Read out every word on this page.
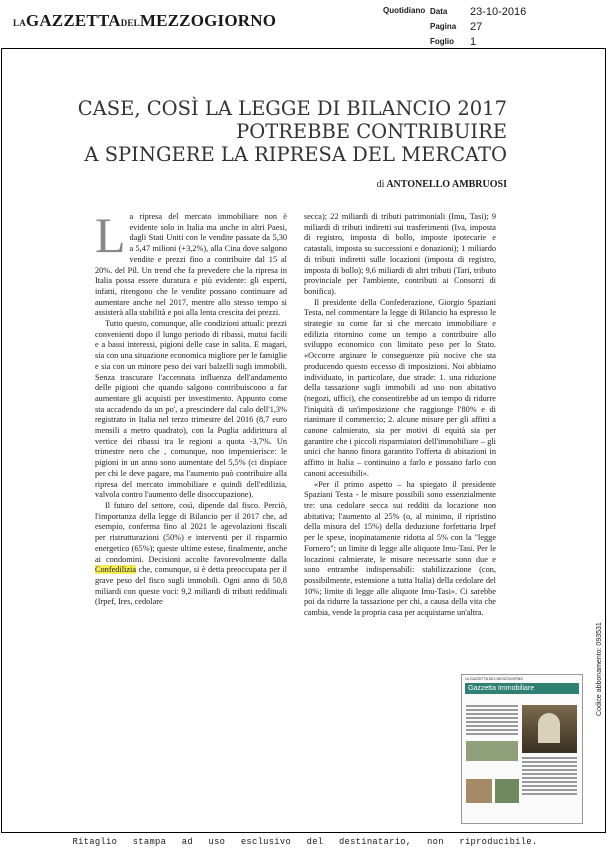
LAGAZZETTADELMEZZOGIORNO
Quotidiano Data	23-10-2016
Pagina	27
Foglio	1
CASE, COSÌ LA LEGGE DI BILANCIO 2017
POTREBBE CONTRIBUIRE
A SPINGERE LA RIPRESA DEL MERCATO
di ANTONELLO AMBRUOSI

La ripresa del mercato immobiliare non è evidente solo in Italia ma anche in altri Paesi, dagli Stati Uniti con le vendite passate da 5,30 a 5,47 milioni (+3,2%), alla Cina dove salgono vendite e prezzi fino a contribuire dal 15 al 20%. del Pil. Un trend che fa prevedere che la ripresa in Italia possa essere duratura e più evidente: gli esperti, infatti, ritengono che le vendite possano continuare ad aumentare anche nel 2017, mentre allo stesso tempo si assisterà alla stabilità e poi alla lenta crescita dei prezzi.

Tutto questo, comunque, alle condizioni attuali: prezzi convenienti dopo il lungo periodo di ribassi, mutui facili e a bassi interessi, pigioni delle case in salita. E magari, sia con una situazione economica migliore per le famiglie e sia con un minore peso dei vari balzelli sugli immobili. Senza trascurare l'accennata influenza dell'andamento delle pigioni che quando salgono contribuiscono a far aumentare gli acquisti per investimento. Appunto come sta accadendo da un po', a prescindere dal calo dell'1,3% registrato in Italia nel terzo trimestre del 2016 (8,7 euro mensili a metro quadrato), con la Puglia addirittura al vertice dei ribassi tra le regioni a quota -3,7%. Un trimestre nero che , comunque, non impensierisce: le pigioni in un anno sono aumentate del 5,5% (ci dispiace per chi le deve pagare, ma l'aumento può contribuire alla ripresa del mercato immobiliare e quindi dell'edilizia, valvola contro l'aumento delle disoccupazione).

Il futuro del settore, così, dipende dal fisco. Perciò, l'importanza della legge di Bilancio per il 2017 che, ad esempio, conferma fino al 2021 le agevolazioni fiscali per ristrutturazioni (50%) e interventi per il risparmio energetico (65%); queste ultime estese, finalmente, anche ai condomini. Decisioni accolte favorevolmente dalla Confedilizia che, comunque, si è detta preoccupata per il grave peso del fisco sugli immobili. Ogni anno di 50,8 miliardi con queste voci: 9,2 miliardi di tributi reddituali (Irpef, Ires, cedolare

secca); 22 miliardi di tributi patrimoniali (Imu, Tasi); 9 miliardi di tributi indiretti sui trasferimenti (Iva, imposta di registro, imposta di bollo, imposte ipotecarie e catastali, imposta su successioni e donazioni); 1 miliardo di tributi indiretti sulle locazioni (imposta di registro, imposta di bollo); 9,6 miliardi di altri tributi (Tari, tributo provinciale per l'ambiente, contributi ai Consorzi di bonifica).

Il presidente della Confederazione, Giorgio Spaziani Testa, nel commentare la legge di Bilancio ha espresso le strategie su come far sì che mercato immobiliare e edilizia ritornino come un tempo a contribuire allo sviluppo economico con limitato peso per lo Stato. «Occorre arginare le conseguenze più nocive che sta producendo questo eccesso di imposizioni. Noi abbiamo individuato, in particolare, due strade: 1. una riduzione della tassazione sugli immobili ad uso non abitativo (negozi, uffici), che consentirebbe ad un tempo di ridurre l'iniquità di un'imposizione che raggiunge l'80% e di rianimare il commercio; 2. alcune misure per gli affitti a canone calmierato, sia per motivi di equità sia per garantire che i piccoli risparmiatori dell'immobiliare – gli unici che hanno finora garantito l'offerta di abitazioni in affitto in Italia – continuino a farlo e possano farlo con canoni accessibili».

«Per il primo aspetto – ha spiegato il presidente Spaziani Testa - le misure possibili sono essenzialmente tre: una cedolare secca sui redditi da locazione non abitativa; l'aumento al 25% (o, al minimo, il ripristino della misura del 15%) della deduzione forfettaria Irpef per le spese, inopinatamente ridotta al 5% con la "legge Fornero"; un limite di legge alle aliquote Imu-Tasi. Per le locazioni calmierate, le misure necessarie sono due e sono entrambe indispensabili: stabilizzazione (con, possibilmente, estensione a tutta Italia) della cedolare del 10%; limite di legge alle aliquote Imu-Tasi». Ci sarebbe poi da ridurre la tassazione per chi, a causa della vita che cambia, vende la propria casa per acquistarne un'altra.

LA GAZZETTA DEL MEZZOGIORNO
Gazzetta Immobiliare	Codice abbonamento: 093531
Ritaglio stampa ad uso esclusivo del destinatario, non riproducibile.
